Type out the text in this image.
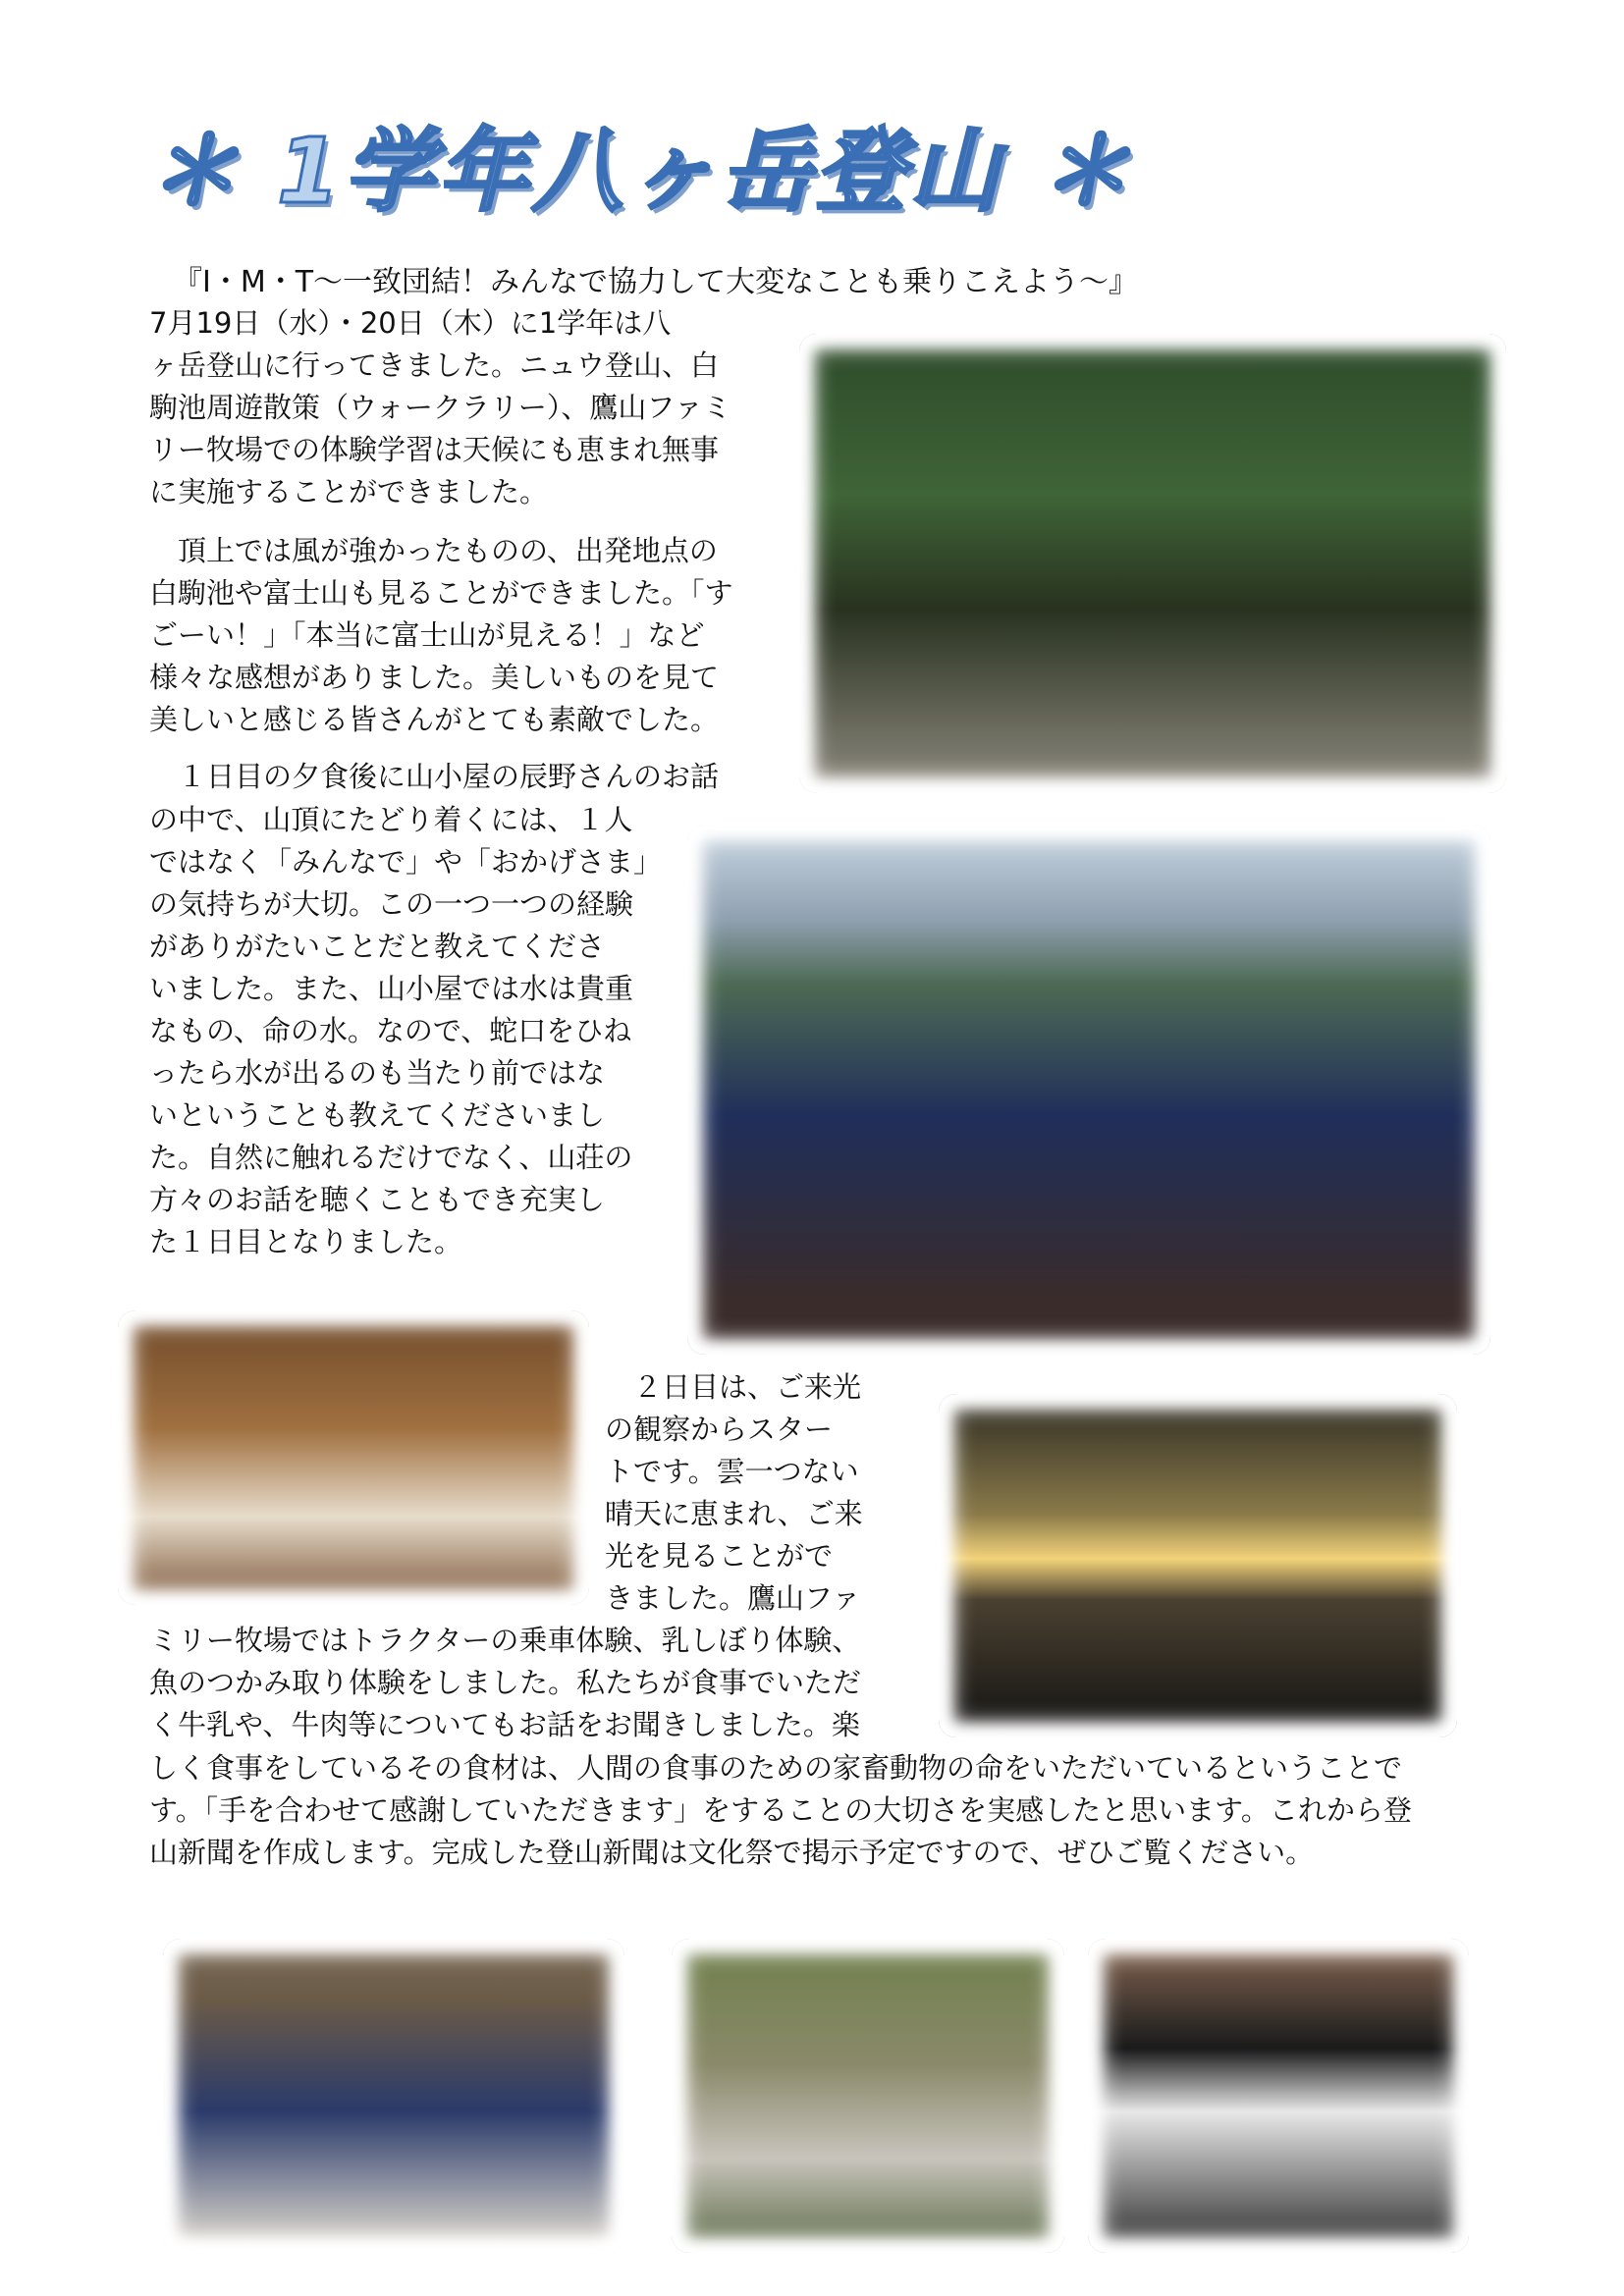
＊ 1学年八ヶ岳登山 ＊
『I・M・T〜一致団結！みんなで協力して大変なことも乗りこえよう〜』
7月19日（水）・20日（木）に1学年は八
ヶ岳登山に行ってきました。ニュウ登山、白
駒池周遊散策（ウォークラリー）、鷹山ファミ
リー牧場での体験学習は天候にも恵まれ無事
に実施することができました。
　頂上では風が強かったものの、出発地点の
白駒池や富士山も見ることができました。「す
ごーい！」「本当に富士山が見える！」など
様々な感想がありました。美しいものを見て
美しいと感じる皆さんがとても素敵でした。
　１日目の夕食後に山小屋の辰野さんのお話
の中で、山頂にたどり着くには、１人
ではなく「みんなで」や「おかげさま」
の気持ちが大切。この一つ一つの経験
がありがたいことだと教えてくださ
いました。また、山小屋では水は貴重
なもの、命の水。なので、蛇口をひね
ったら水が出るのも当たり前ではな
いということも教えてくださいまし
た。自然に触れるだけでなく、山荘の
方々のお話を聴くこともでき充実し
た１日目となりました。
　２日目は、ご来光
の観察からスター
トです。雲一つない
晴天に恵まれ、ご来
光を見ることがで
きました。鷹山ファ
ミリー牧場ではトラクターの乗車体験、乳しぼり体験、
魚のつかみ取り体験をしました。私たちが食事でいただ
く牛乳や、牛肉等についてもお話をお聞きしました。楽
しく食事をしているその食材は、人間の食事のための家畜動物の命をいただいているということで
す。「手を合わせて感謝していただきます」をすることの大切さを実感したと思います。これから登
山新聞を作成します。完成した登山新聞は文化祭で掲示予定ですので、ぜひご覧ください。
